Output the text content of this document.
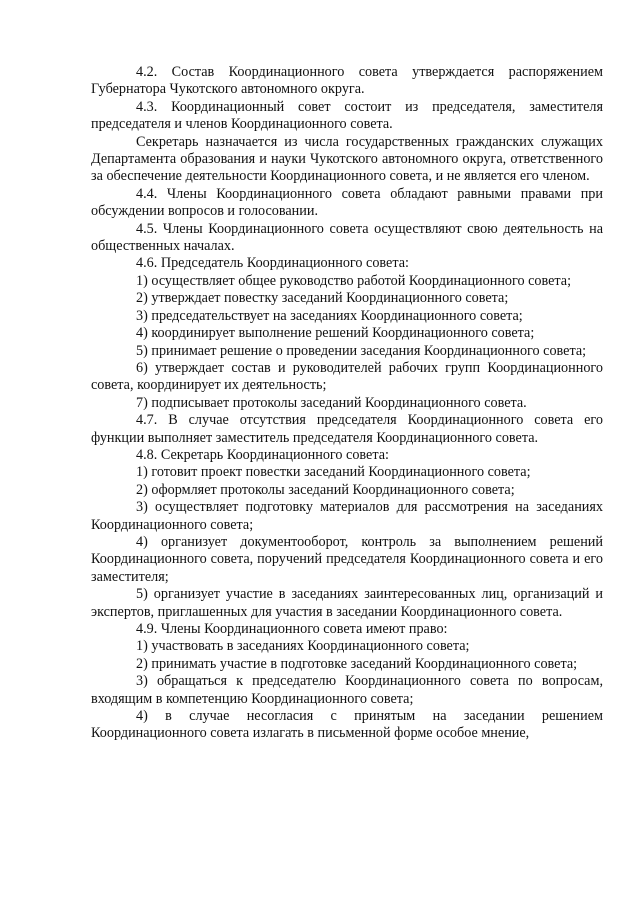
4.2. Состав Координационного совета утверждается распоряжением Губернатора Чукотского автономного округа.

4.3. Координационный совет состоит из председателя, заместителя председателя и членов Координационного совета.

Секретарь назначается из числа государственных гражданских служащих Департамента образования и науки Чукотского автономного округа, ответственного за обеспечение деятельности Координационного совета, и не является его членом.

4.4. Члены Координационного совета обладают равными правами при обсуждении вопросов и голосовании.

4.5. Члены Координационного совета осуществляют свою деятельность на общественных началах.

4.6. Председатель Координационного совета:

1) осуществляет общее руководство работой Координационного совета;

2) утверждает повестку заседаний Координационного совета;

3) председательствует на заседаниях Координационного совета;

4) координирует выполнение решений Координационного совета;

5) принимает решение о проведении заседания Координационного совета;

6) утверждает состав и руководителей рабочих групп Координационного совета, координирует их деятельность;

7) подписывает протоколы заседаний Координационного совета.

4.7. В случае отсутствия председателя Координационного совета его функции выполняет заместитель председателя Координационного совета.

4.8. Секретарь Координационного совета:

1) готовит проект повестки заседаний Координационного совета;

2) оформляет протоколы заседаний Координационного совета;

3) осуществляет подготовку материалов для рассмотрения на заседаниях Координационного совета;

4) организует документооборот, контроль за выполнением решений Координационного совета, поручений председателя Координационного совета и его заместителя;

5) организует участие в заседаниях заинтересованных лиц, организаций и экспертов, приглашенных для участия в заседании Координационного совета.

4.9. Члены Координационного совета имеют право:

1) участвовать в заседаниях Координационного совета;

2) принимать участие в подготовке заседаний Координационного совета;

3) обращаться к председателю Координационного совета по вопросам, входящим в компетенцию Координационного совета;

4) в случае несогласия с принятым на заседании решением Координационного совета излагать в письменной форме особое мнение,
